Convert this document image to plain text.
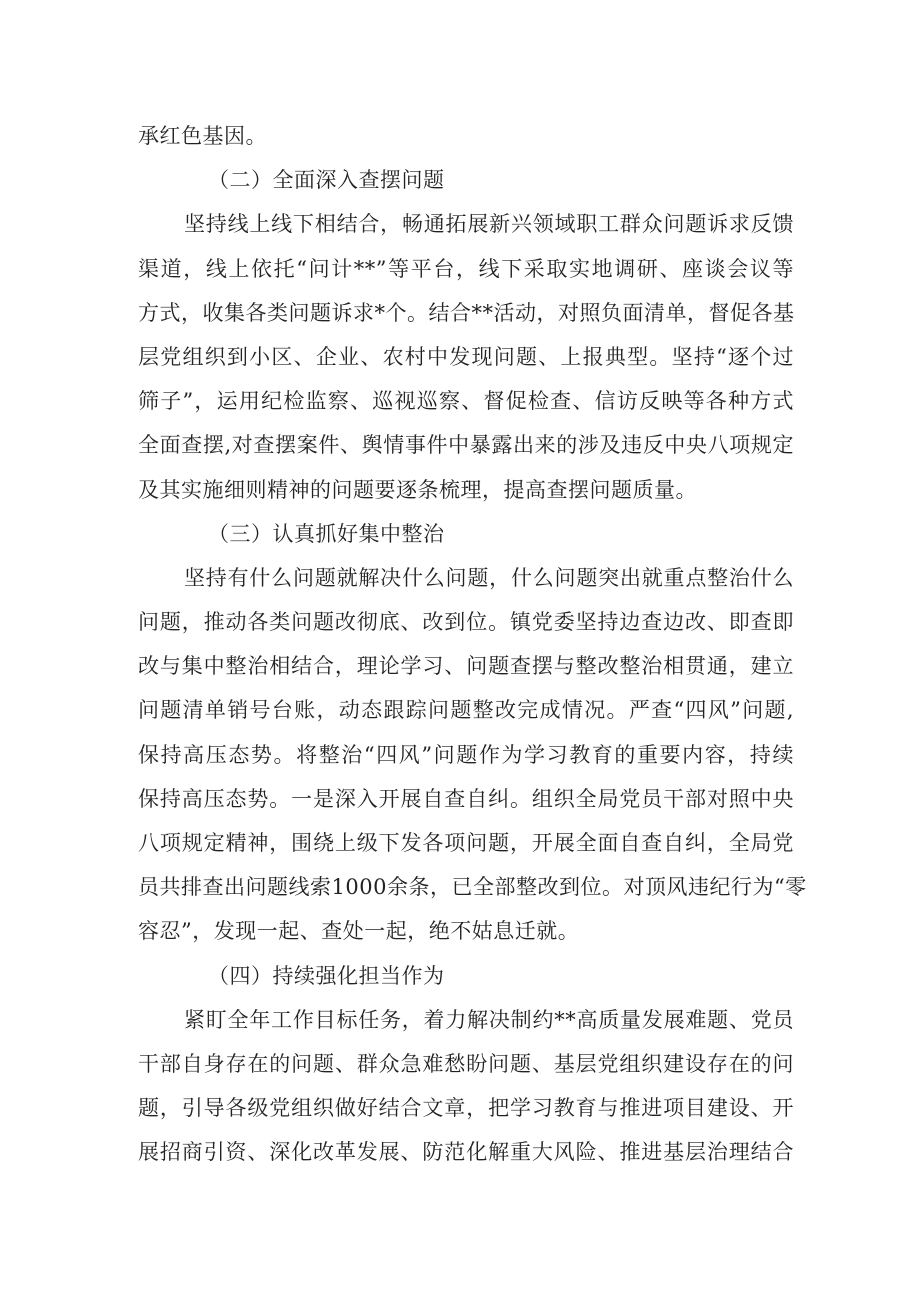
承红色基因。
（二）全面深入查摆问题
坚持线上线下相结合，畅通拓展新兴领域职工群众问题诉求反馈
渠道，线上依托“问计**”等平台，线下采取实地调研、座谈会议等
方式，收集各类问题诉求*个。结合**活动，对照负面清单，督促各基
层党组织到小区、企业、农村中发现问题、上报典型。坚持“逐个过
筛子”，运用纪检监察、巡视巡察、督促检查、信访反映等各种方式
全面查摆,对查摆案件、舆情事件中暴露出来的涉及违反中央八项规定
及其实施细则精神的问题要逐条梳理，提高查摆问题质量。
（三）认真抓好集中整治
坚持有什么问题就解决什么问题，什么问题突出就重点整治什么
问题，推动各类问题改彻底、改到位。镇党委坚持边查边改、即查即
改与集中整治相结合，理论学习、问题查摆与整改整治相贯通，建立
问题清单销号台账，动态跟踪问题整改完成情况。严查“四风”问题,
保持高压态势。将整治“四风”问题作为学习教育的重要内容，持续
保持高压态势。一是深入开展自查自纠。组织全局党员干部对照中央
八项规定精神，围绕上级下发各项问题，开展全面自查自纠，全局党
员共排查出问题线索1000余条，已全部整改到位。对顶风违纪行为“零
容忍”，发现一起、查处一起，绝不姑息迁就。
（四）持续强化担当作为
紧盯全年工作目标任务，着力解决制约**高质量发展难题、党员
干部自身存在的问题、群众急难愁盼问题、基层党组织建设存在的问
题，引导各级党组织做好结合文章，把学习教育与推进项目建设、开
展招商引资、深化改革发展、防范化解重大风险、推进基层治理结合
